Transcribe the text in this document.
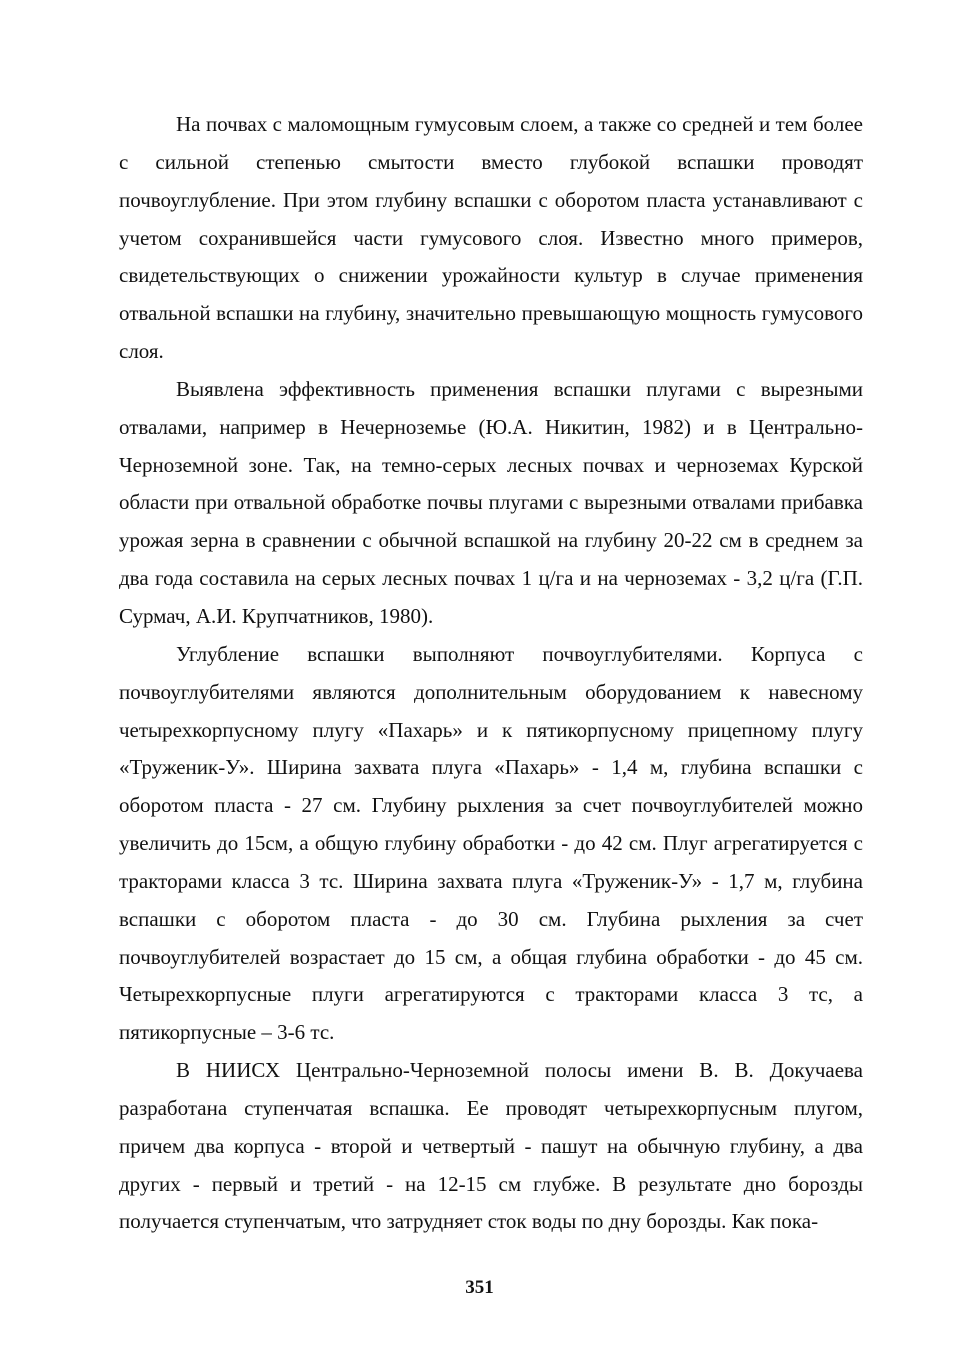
На почвах с маломощным гумусовым слоем, а также со средней и тем более с сильной степенью смытости вместо глубокой вспашки проводят почвоуглубление. При этом глубину вспашки с оборотом пласта устанавливают с учетом сохранившейся части гумусового слоя. Известно много примеров, свидетельствующих о снижении урожайности культур в случае применения отвальной вспашки на глубину, значительно превышающую мощность гумусового слоя.

Выявлена эффективность применения вспашки плугами с вырезными отвалами, например в Нечерноземье (Ю.А. Никитин, 1982) и в Центрально-Черноземной зоне. Так, на темно-серых лесных почвах и черноземах Курской области при отвальной обработке почвы плугами с вырезными отвалами прибавка урожая зерна в сравнении с обычной вспашкой на глубину 20-22 см в среднем за два года составила на серых лесных почвах 1 ц/га и на черноземах - 3,2 ц/га (Г.П. Сурмач, А.И. Крупчатников, 1980).

Углубление вспашки выполняют почвоуглубителями. Корпуса с почвоуглубителями являются дополнительным оборудованием к навесному четырехкорпусному плугу «Пахарь» и к пятикорпусному прицепному плугу «Труженик-У». Ширина захвата плуга «Пахарь» - 1,4 м, глубина вспашки с оборотом пласта - 27 см. Глубину рыхления за счет почвоуглубителей можно увеличить до 15см, а общую глубину обработки - до 42 см. Плуг агрегатируется с тракторами класса 3 тс. Ширина захвата плуга «Труженик-У» - 1,7 м, глубина вспашки с оборотом пласта - до 30 см. Глубина рыхления за счет почвоуглубителей возрастает до 15 см, а общая глубина обработки - до 45 см. Четырехкорпусные плуги агрегатируются с тракторами класса 3 тс, а пятикорпусные – 3-6 тс.

В НИИСХ Центрально-Черноземной полосы имени В. В. Докучаева разработана ступенчатая вспашка. Ее проводят четырехкорпусным плугом, причем два корпуса - второй и четвертый - пашут на обычную глубину, а два других - первый и третий - на 12-15 см глубже. В результате дно борозды получается ступенчатым, что затрудняет сток воды по дну борозды. Как пока-

351
